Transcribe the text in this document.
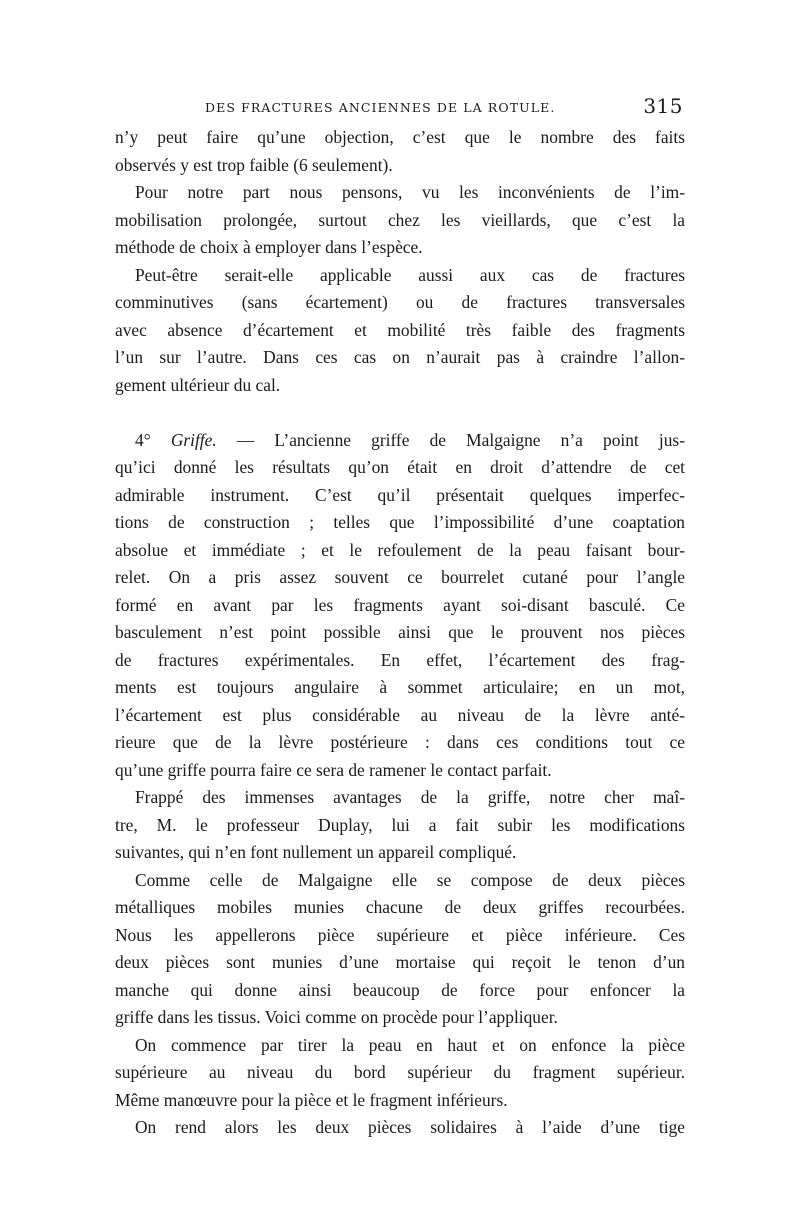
DES FRACTURES ANCIENNES DE LA ROTULE.	315
n’y peut faire qu’une objection, c’est que le nombre des faits
observés y est trop faible (6 seulement).
Pour notre part nous pensons, vu les inconvénients de l’im-
mobilisation prolongée, surtout chez les vieillards, que c’est la
méthode de choix à employer dans l’espèce.
Peut-être serait-elle applicable aussi aux cas de fractures
comminutives (sans écartement) ou de fractures transversales
avec absence d’écartement et mobilité très faible des fragments
l’un sur l’autre. Dans ces cas on n’aurait pas à craindre l’allon-
gement ultérieur du cal.
4° Griffe. — L’ancienne griffe de Malgaigne n’a point jus-
qu’ici donné les résultats qu’on était en droit d’attendre de cet
admirable instrument. C’est qu’il présentait quelques imperfec-
tions de construction ; telles que l’impossibilité d’une coaptation
absolue et immédiate ; et le refoulement de la peau faisant bour-
relet. On a pris assez souvent ce bourrelet cutané pour l’angle
formé en avant par les fragments ayant soi-disant basculé. Ce
basculement n’est point possible ainsi que le prouvent nos pièces
de fractures expérimentales. En effet, l’écartement des frag-
ments est toujours angulaire à sommet articulaire; en un mot,
l’écartement est plus considérable au niveau de la lèvre anté-
rieure que de la lèvre postérieure : dans ces conditions tout ce
qu’une griffe pourra faire ce sera de ramener le contact parfait.
Frappé des immenses avantages de la griffe, notre cher maî-
tre, M. le professeur Duplay, lui a fait subir les modifications
suivantes, qui n’en font nullement un appareil compliqué.
Comme celle de Malgaigne elle se compose de deux pièces
métalliques mobiles munies chacune de deux griffes recourbées.
Nous les appellerons pièce supérieure et pièce inférieure. Ces
deux pièces sont munies d’une mortaise qui reçoit le tenon d’un
manche qui donne ainsi beaucoup de force pour enfoncer la
griffe dans les tissus. Voici comme on procède pour l’appliquer.
On commence par tirer la peau en haut et on enfonce la pièce
supérieure au niveau du bord supérieur du fragment supérieur.
Même manœuvre pour la pièce et le fragment inférieurs.
On rend alors les deux pièces solidaires à l’aide d’une tige
